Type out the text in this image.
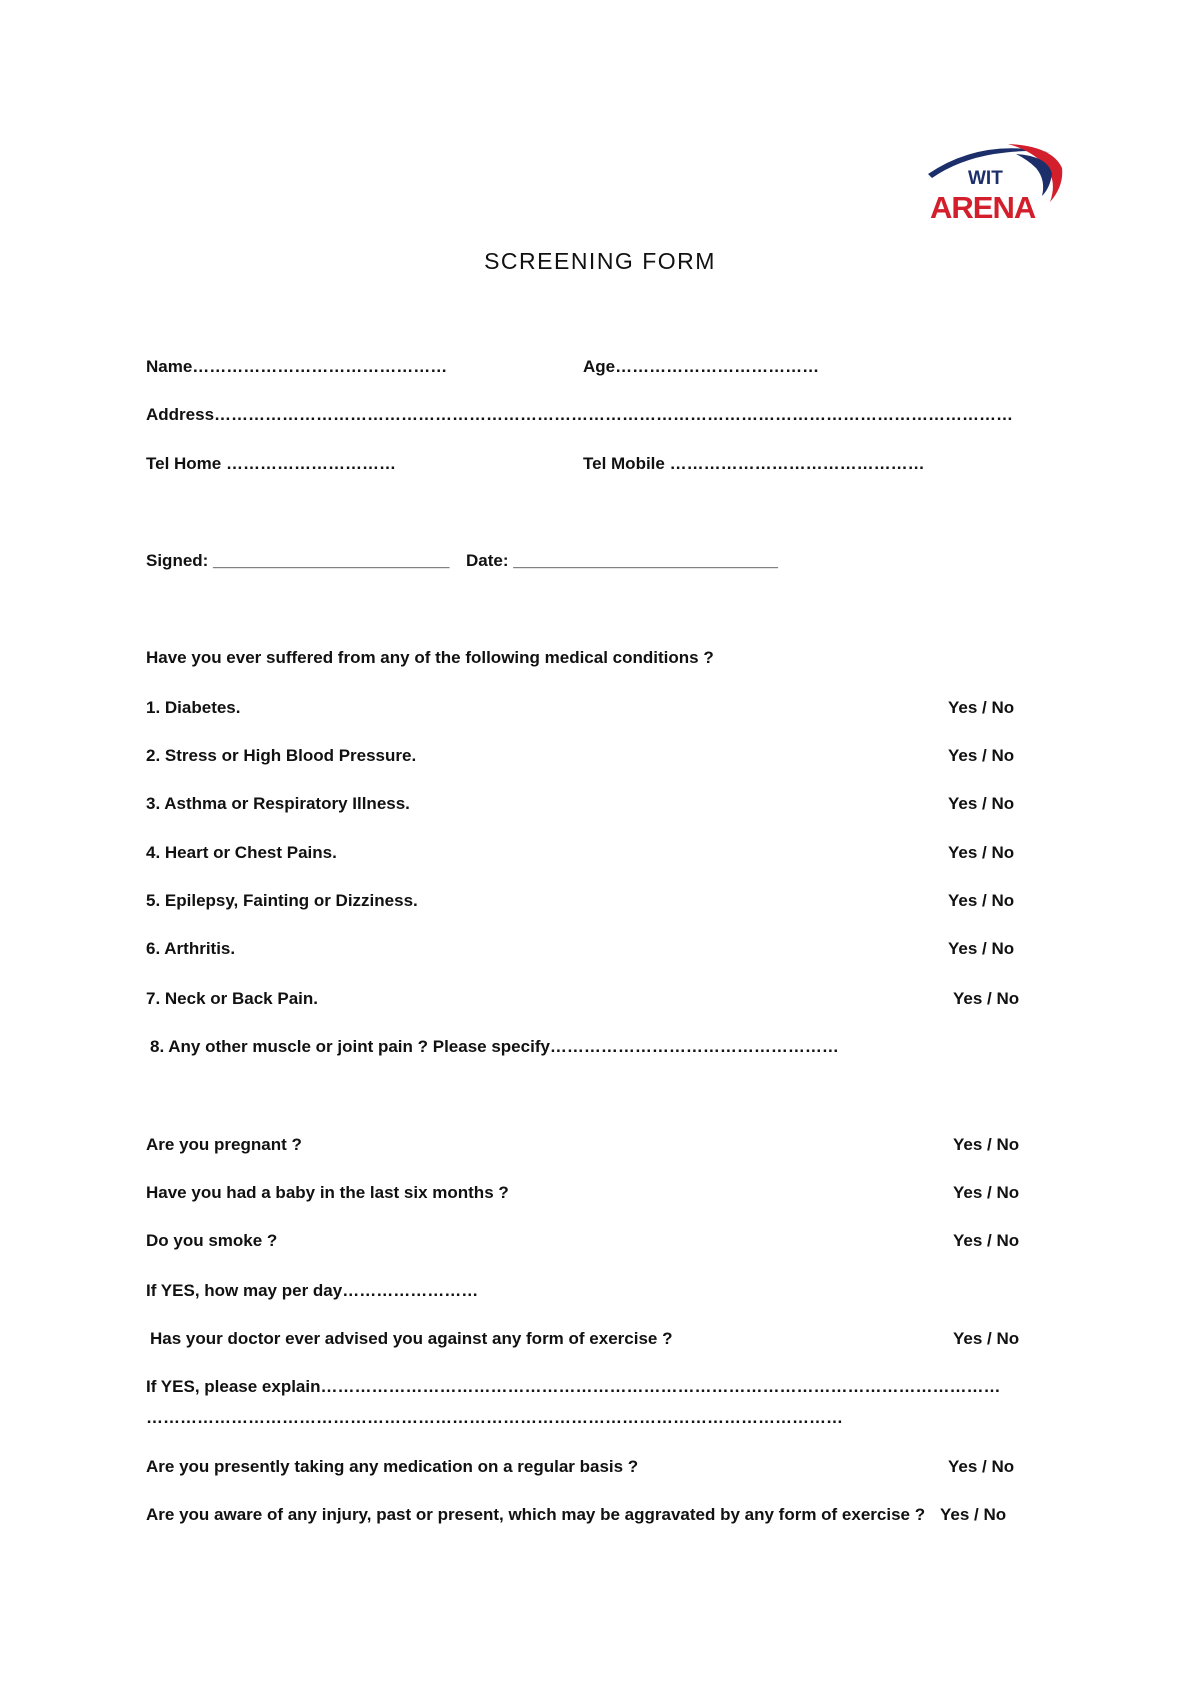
WIT
ARENA
SCREENING FORM
Name………………………………………	Age………………………………
Address……………………………………………………………………………………………………………………………
Tel Home …………………………	Tel Mobile ………………………………………
Signed: _________________________ Date: ____________________________
Have you ever suffered from any of the following medical conditions ?
1. Diabetes.	Yes / No
2. Stress or High Blood Pressure.	Yes / No
3. Asthma or Respiratory Illness.	Yes / No
4. Heart or Chest Pains.	Yes / No
5. Epilepsy, Fainting or Dizziness.	Yes / No
6. Arthritis.	Yes / No
7. Neck or Back Pain.	Yes / No
8. Any other muscle or joint pain ? Please specify……………………………………………
Are you pregnant ?	Yes / No
Have you had a baby in the last six months ?	Yes / No
Do you smoke ?	Yes / No
If YES, how may per day……………………
Has your doctor ever advised you against any form of exercise ?	Yes / No
If YES, please explain…………………………………………………………………………………………………………
……………………………………………………………………………………………………………
Are you presently taking any medication on a regular basis ?	Yes / No
Are you aware of any injury, past or present, which may be aggravated by any form of exercise ? Yes / No
